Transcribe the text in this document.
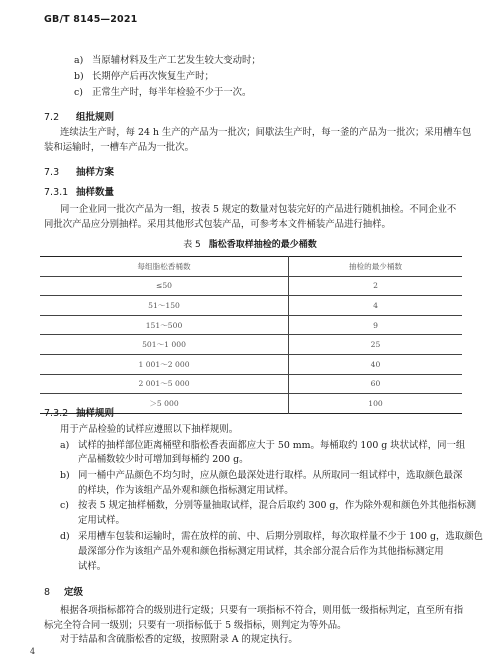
GB/T 8145—2021
a) 当原辅材料及生产工艺发生较大变动时；
b) 长期停产后再次恢复生产时；
c) 正常生产时，每半年检验不少于一次。
7.2 组批规则
连续法生产时，每 24 h 生产的产品为一批次；间歇法生产时，每一釜的产品为一批次；采用槽车包
装和运输时，一槽车产品为一批次。
7.3 抽样方案
7.3.1 抽样数量
同一企业同一批次产品为一组，按表 5 规定的数量对包装完好的产品进行随机抽检。不同企业不
同批次产品应分别抽样。采用其他形式包装产品，可参考本文件桶装产品进行抽样。
表 5 脂松香取样抽检的最少桶数
每组脂松香桶数	抽检的最少桶数
≤50	2
51～150	4
151～500	9
501～1 000	25
1 001～2 000	40
2 001～5 000	60
＞5 000	100
7.3.2 抽样规则
用于产品检验的试样应遵照以下抽样规则。
a) 试样的抽样部位距离桶壁和脂松香表面都应大于 50 mm。每桶取约 100 g 块状试样，同一组
产品桶数较少时可增加到每桶约 200 g。
b) 同一桶中产品颜色不均匀时，应从颜色最深处进行取样。从所取同一组试样中，选取颜色最深
的样块，作为该组产品外观和颜色指标测定用试样。
c) 按表 5 规定抽样桶数，分别等量抽取试样，混合后取约 300 g，作为除外观和颜色外其他指标测
定用试样。
d) 采用槽车包装和运输时，需在放样的前、中、后期分别取样，每次取样量不少于 100 g，选取颜色
最深部分作为该组产品外观和颜色指标测定用试样，其余部分混合后作为其他指标测定用
试样。
8 定级
根据各项指标都符合的级别进行定级；只要有一项指标不符合，则用低一级指标判定，直至所有指
标完全符合同一级别；只要有一项指标低于 5 级指标，则判定为等外品。
对于结晶和含硫脂松香的定级，按照附录 A 的规定执行。
4
